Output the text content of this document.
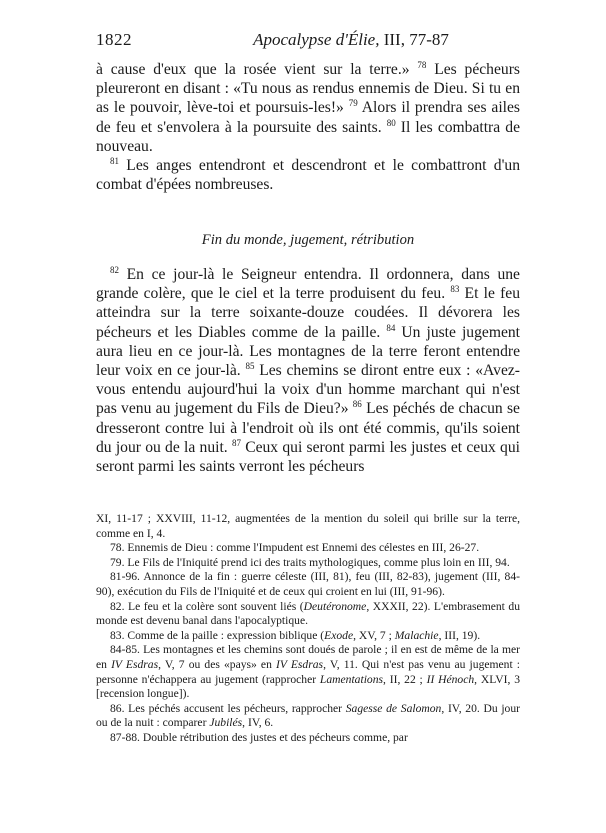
1822	Apocalypse d'Élie, III, 77-87

à cause d'eux que la rosée vient sur la terre.» $^{78}$ Les pécheurs pleureront en disant : «Tu nous as rendus ennemis de Dieu. Si tu en as le pouvoir, lève-toi et poursuis-les!» $^{79}$ Alors il prendra ses ailes de feu et s'envolera à la poursuite des saints. $^{80}$ Il les combattra de nouveau.

$^{81}$ Les anges entendront et descendront et le combattront d'un combat d'épées nombreuses.

Fin du monde, jugement, rétribution

$^{82}$ En ce jour-là le Seigneur entendra. Il ordonnera, dans une grande colère, que le ciel et la terre produisent du feu. $^{83}$ Et le feu atteindra sur la terre soixante-douze coudées. Il dévorera les pécheurs et les Diables comme de la paille. $^{84}$ Un juste jugement aura lieu en ce jour-là. Les montagnes de la terre feront entendre leur voix en ce jour-là. $^{85}$ Les chemins se diront entre eux : «Avez-vous entendu aujourd'hui la voix d'un homme marchant qui n'est pas venu au jugement du Fils de Dieu?» $^{86}$ Les péchés de chacun se dresseront contre lui à l'endroit où ils ont été commis, qu'ils soient du jour ou de la nuit. $^{87}$ Ceux qui seront parmi les justes et ceux qui seront parmi les saints verront les pécheurs

XI, 11-17 ; XXVIII, 11-12, augmentées de la mention du soleil qui brille sur la terre, comme en I, 4.

78. Ennemis de Dieu : comme l'Impudent est Ennemi des célestes en III, 26-27.

79. Le Fils de l'Iniquité prend ici des traits mythologiques, comme plus loin en III, 94.

81-96. Annonce de la fin : guerre céleste (III, 81), feu (III, 82-83), jugement (III, 84-90), exécution du Fils de l'Iniquité et de ceux qui croient en lui (III, 91-96).

82. Le feu et la colère sont souvent liés (Deutéronome, XXXII, 22). L'embrasement du monde est devenu banal dans l'apocalyptique.

83. Comme de la paille : expression biblique (Exode, XV, 7 ; Malachie, III, 19).

84-85. Les montagnes et les chemins sont doués de parole ; il en est de même de la mer en IV Esdras, V, 7 ou des «pays» en IV Esdras, V, 11. Qui n'est pas venu au jugement : personne n'échappera au jugement (rapprocher Lamentations, II, 22 ; II Hénoch, XLVI, 3 [recension longue]).

86. Les péchés accusent les pécheurs, rapprocher Sagesse de Salomon, IV, 20. Du jour ou de la nuit : comparer Jubilés, IV, 6.

87-88. Double rétribution des justes et des pécheurs comme, par
